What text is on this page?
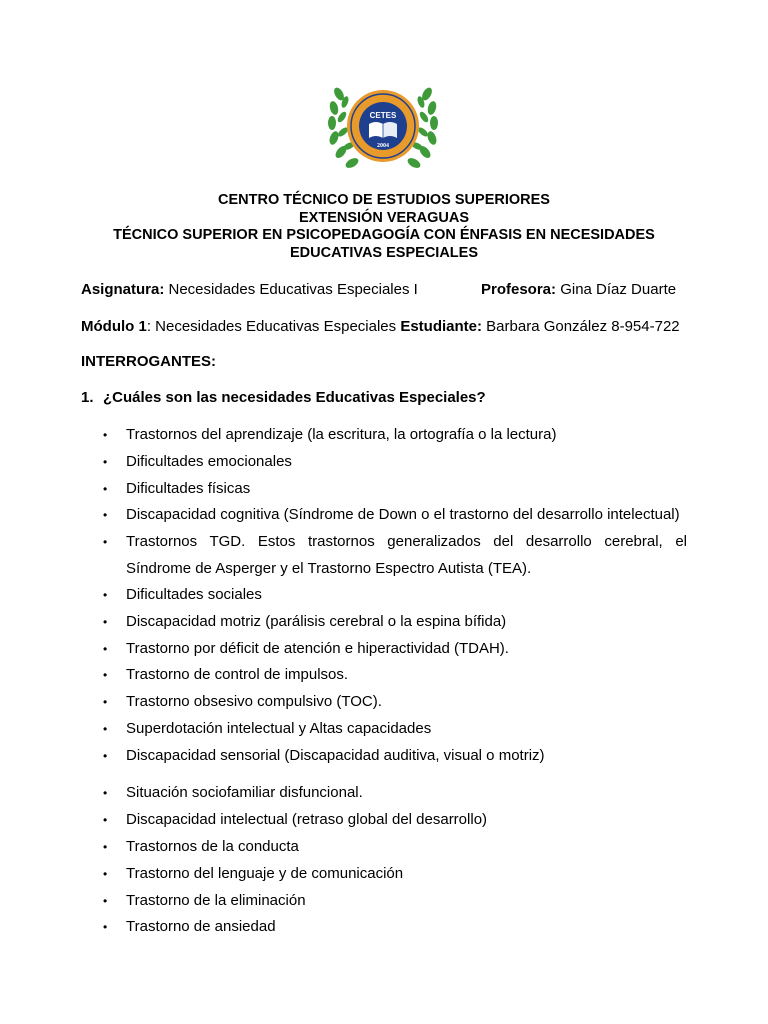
CETES
2004
CENTRO TÉCNICO DE ESTUDIOS SUPERIORES
EXTENSIÓN VERAGUAS
TÉCNICO SUPERIOR EN PSICOPEDAGOGÍA CON ÉNFASIS EN NECESIDADES
EDUCATIVAS ESPECIALES
Asignatura: Necesidades Educativas Especiales I	Profesora: Gina Díaz Duarte
Módulo 1: Necesidades Educativas Especiales Estudiante: Barbara González 8-954-722
INTERROGANTES:
1. ¿Cuáles son las necesidades Educativas Especiales?
• Trastornos del aprendizaje (la escritura, la ortografía o la lectura)
• Dificultades emocionales
• Dificultades físicas
• Discapacidad cognitiva (Síndrome de Down o el trastorno del desarrollo intelectual)
• Trastornos TGD. Estos trastornos generalizados del desarrollo cerebral, el Síndrome de Asperger y el Trastorno Espectro Autista (TEA).
• Dificultades sociales
• Discapacidad motriz (parálisis cerebral o la espina bífida)
• Trastorno por déficit de atención e hiperactividad (TDAH).
• Trastorno de control de impulsos.
• Trastorno obsesivo compulsivo (TOC).
• Superdotación intelectual y Altas capacidades
• Discapacidad sensorial (Discapacidad auditiva, visual o motriz)
• Situación sociofamiliar disfuncional.
• Discapacidad intelectual (retraso global del desarrollo)
• Trastornos de la conducta
• Trastorno del lenguaje y de comunicación
• Trastorno de la eliminación
• Trastorno de ansiedad
